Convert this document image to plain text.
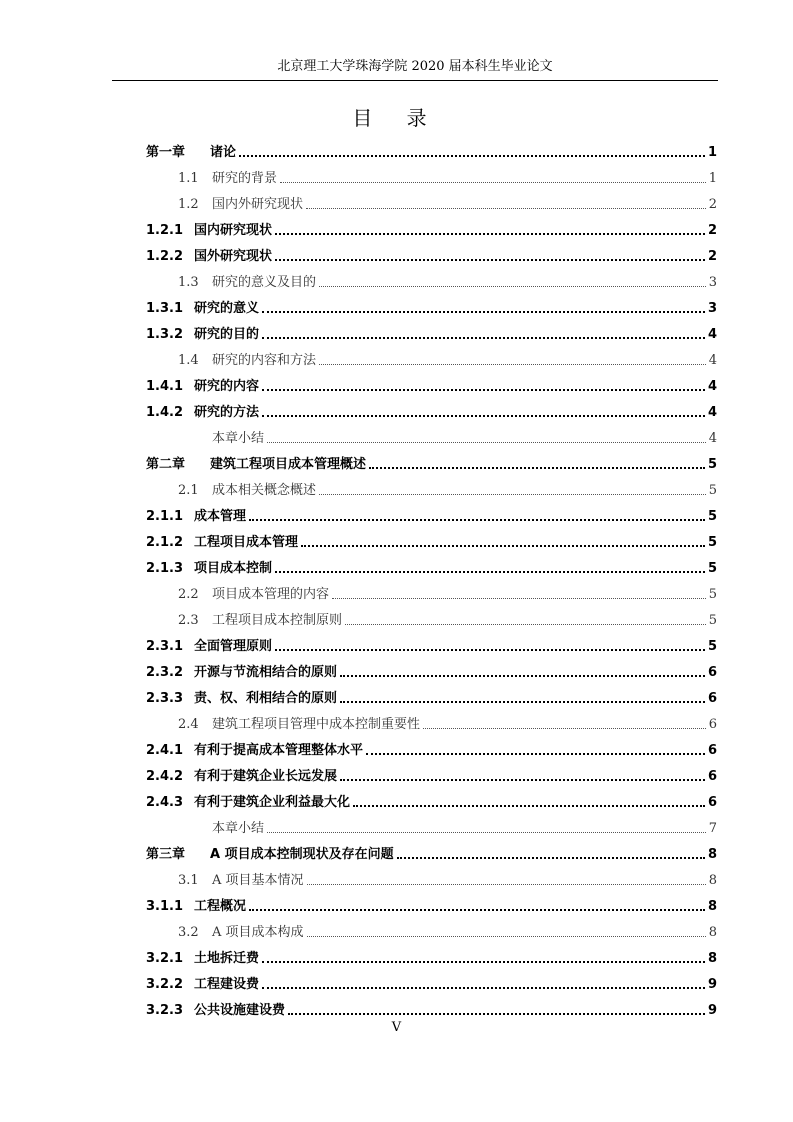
北京理工大学珠海学院 2020 届本科生毕业论文
目 录
第一章	诸论	1
1.1	研究的背景	1
1.2	国内外研究现状	2
1.2.1 国内研究现状	2
1.2.2 国外研究现状	2
1.3	研究的意义及目的	3
1.3.1 研究的意义	3
1.3.2 研究的目的	4
1.4	研究的内容和方法	4
1.4.1 研究的内容	4
1.4.2 研究的方法	4
本章小结	4
第二章	建筑工程项目成本管理概述	5
2.1	成本相关概念概述	5
2.1.1 成本管理	5
2.1.2 工程项目成本管理	5
2.1.3 项目成本控制	5
2.2	项目成本管理的内容	5
2.3	工程项目成本控制原则	5
2.3.1 全面管理原则	5
2.3.2 开源与节流相结合的原则	6
2.3.3 责、权、利相结合的原则	6
2.4	建筑工程项目管理中成本控制重要性	6
2.4.1 有利于提高成本管理整体水平	6
2.4.2 有利于建筑企业长远发展	6
2.4.3 有利于建筑企业利益最大化	6
本章小结	7
第三章	A 项目成本控制现状及存在问题	8
3.1	A 项目基本情况	8
3.1.1 工程概况	8
3.2	A 项目成本构成	8
3.2.1 土地拆迁费	8
3.2.2 工程建设费	9
3.2.3 公共设施建设费	9
V
